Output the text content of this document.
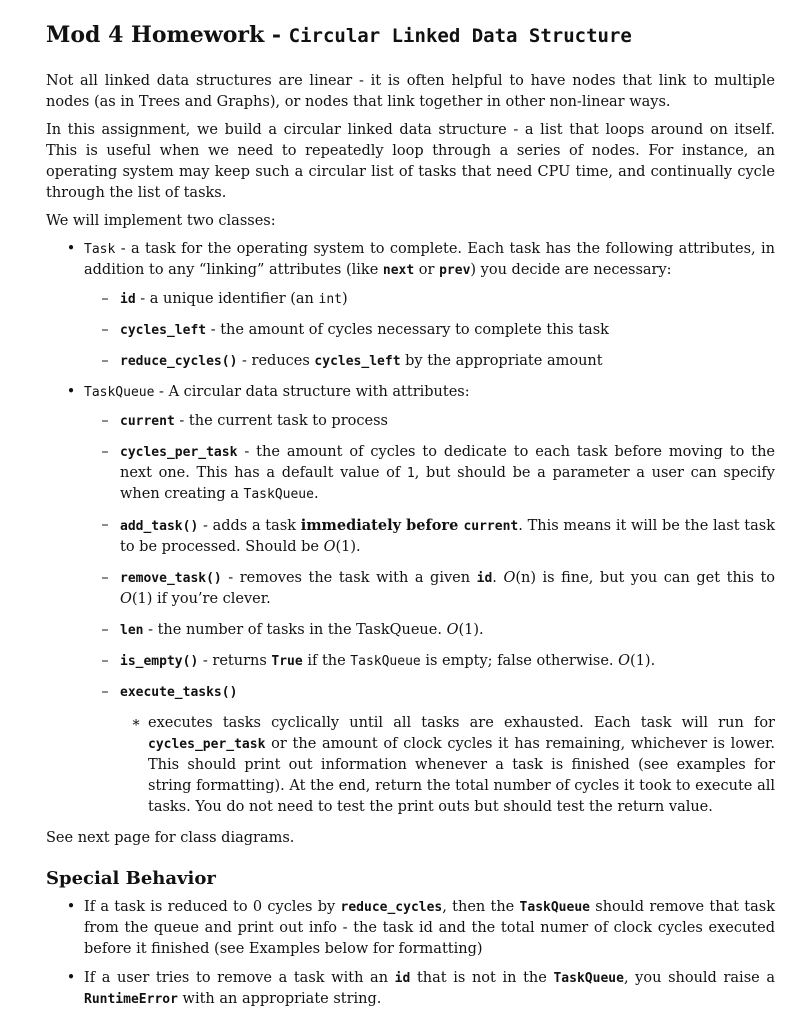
Mod 4 Homework - Circular Linked Data Structure

Not all linked data structures are linear - it is often helpful to have nodes that link to multiple nodes (as in Trees and Graphs), or nodes that link together in other non-linear ways.

In this assignment, we build a circular linked data structure - a list that loops around on itself. This is useful when we need to repeatedly loop through a series of nodes. For instance, an operating system may keep such a circular list of tasks that need CPU time, and continually cycle through the list of tasks.

We will implement two classes:

• Task - a task for the operating system to complete. Each task has the following attributes, in addition to any “linking” attributes (like next or prev) you decide are necessary:
– id - a unique identifier (an int)
– cycles_left - the amount of cycles necessary to complete this task
– reduce_cycles() - reduces cycles_left by the appropriate amount
• TaskQueue - A circular data structure with attributes:
– current - the current task to process
– cycles_per_task - the amount of cycles to dedicate to each task before moving to the next one. This has a default value of 1, but should be a parameter a user can specify when creating a TaskQueue.
– add_task() - adds a task immediately before current. This means it will be the last task to be processed. Should be O(1).
– remove_task() - removes the task with a given id. O(n) is fine, but you can get this to O(1) if you’re clever.
– len - the number of tasks in the TaskQueue. O(1).
– is_empty() - returns True if the TaskQueue is empty; false otherwise. O(1).
– execute_tasks()
∗ executes tasks cyclically until all tasks are exhausted. Each task will run for cycles_per_task or the amount of clock cycles it has remaining, whichever is lower. This should print out information whenever a task is finished (see examples for string formatting). At the end, return the total number of cycles it took to execute all tasks. You do not need to test the print outs but should test the return value.

See next page for class diagrams.

Special Behavior
• If a task is reduced to 0 cycles by reduce_cycles, then the TaskQueue should remove that task from the queue and print out info - the task id and the total numer of clock cycles executed before it finished (see Examples below for formatting)
• If a user tries to remove a task with an id that is not in the TaskQueue, you should raise a RuntimeError with an appropriate string.
